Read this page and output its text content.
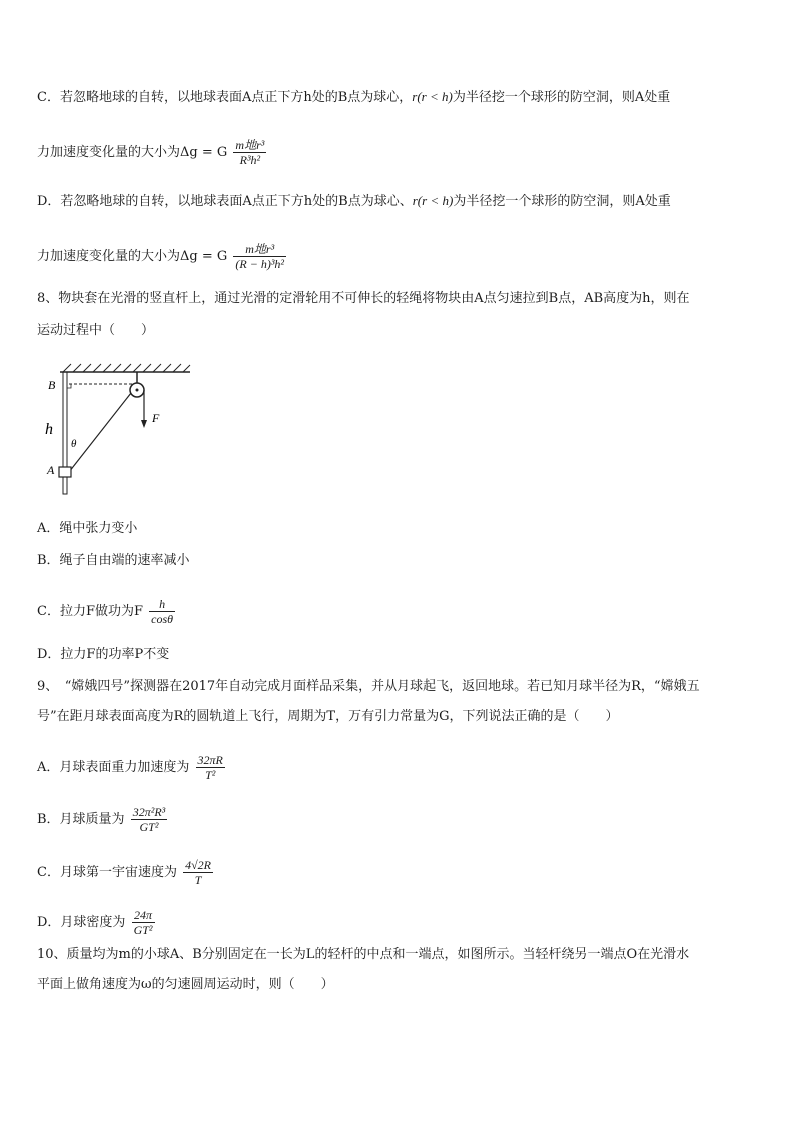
C．若忽略地球的自转，以地球表面A点正下方h处的B点为球心，r(r < h)为半径挖一个球形的防空洞，则A处重
力加速度变化量的大小为Δg = G $\frac{\text{m地r³}}{\text{R³h²}}$
D．若忽略地球的自转，以地球表面A点正下方h处的B点为球心、r(r < h)为半径挖一个球形的防空洞，则A处重
力加速度变化量的大小为Δg = G $\frac{\text{m地r³}}{\text{(R − h)³h²}}$
8、物块套在光滑的竖直杆上，通过光滑的定滑轮用不可伸长的轻绳将物块由A点匀速拉到B点，AB高度为h，则在
运动过程中（　　）
B
h
θ
A
F
A．绳中张力变小
B．绳子自由端的速率减小
C．拉力F做功为F $\frac{h}{\cos\theta}$
D．拉力F的功率P不变
9、　“嫦娥四号”探测器在2017年自动完成月面样品采集，并从月球起飞，返回地球。若已知月球半径为R，“嫦娥五
号”在距月球表面高度为R的圆轨道上飞行，周期为T，万有引力常量为G，下列说法正确的是（　　）
A．月球表面重力加速度为 $\frac{32\pi R}{\text{T²}}$
B．月球质量为 $\frac{\text{32π²R³}}{\text{GT²}}$
C．月球第一宇宙速度为 $\frac{4√2R}{T}$
D．月球密度为 $\frac{24\pi}{\text{GT²}}$
10、质量均为m的小球A、B分别固定在一长为L的轻杆的中点和一端点，如图所示。当轻杆绕另一端点O在光滑水
平面上做角速度为ω的匀速圆周运动时，则（　　）
